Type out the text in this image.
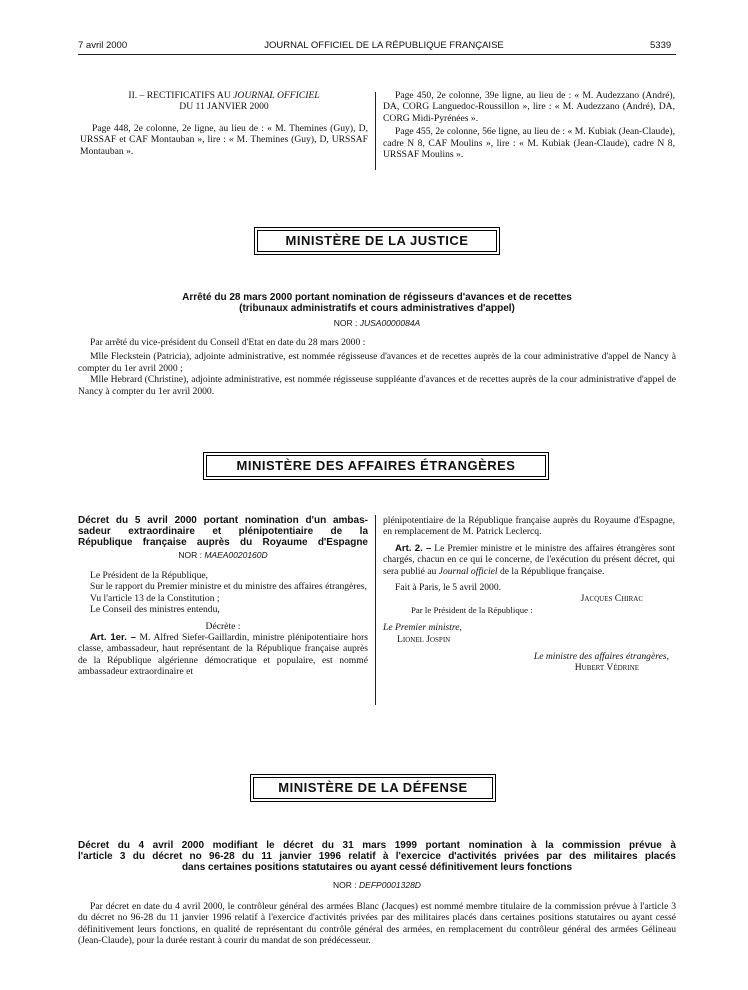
7 avril 2000	JOURNAL OFFICIEL DE LA RÉPUBLIQUE FRANÇAISE	5339

II. – RECTIFICATIFS AU JOURNAL OFFICIEL
DU 11 JANVIER 2000

Page 448, 2e colonne, 2e ligne, au lieu de : « M. Themines (Guy), D, URSSAF et CAF Montauban », lire : « M. Themines (Guy), D, URSSAF Montauban ».

Page 450, 2e colonne, 39e ligne, au lieu de : « M. Audezzano (André), DA, CORG Languedoc-Roussillon », lire : « M. Audezzano (André), DA, CORG Midi-Pyrénées ».

Page 455, 2e colonne, 56e ligne, au lieu de : « M. Kubiak (Jean-Claude), cadre N 8, CAF Moulins », lire : « M. Kubiak (Jean-Claude), cadre N 8, URSSAF Moulins ».

MINISTÈRE DE LA JUSTICE
Arrêté du 28 mars 2000 portant nomination de régisseurs d'avances et de recettes
(tribunaux administratifs et cours administratives d'appel)
NOR : JUSA0000084A

Par arrêté du vice-président du Conseil d'Etat en date du 28 mars 2000 :

Mlle Fleckstein (Patricia), adjointe administrative, est nommée régisseuse d'avances et de recettes auprès de la cour administrative d'appel de Nancy à compter du 1er avril 2000 ;

Mlle Hebrard (Christine), adjointe administrative, est nommée régisseuse suppléante d'avances et de recettes auprès de la cour administrative d'appel de Nancy à compter du 1er avril 2000.

MINISTÈRE DES AFFAIRES ÉTRANGÈRES
Décret du 5 avril 2000 portant nomination d'un ambas-
sadeur extraordinaire et plénipotentiaire de la
République française auprès du Royaume d'Espagne
NOR : MAEA0020160D

Le Président de la République,

Sur le rapport du Premier ministre et du ministre des affaires étrangères,

Vu l'article 13 de la Constitution ;

Le Conseil des ministres entendu,

Décrète :

Art. 1er. – M. Alfred Siefer-Gaillardin, ministre plénipotentiaire hors classe, ambassadeur, haut représentant de la République française auprès de la République algérienne démocratique et populaire, est nommé ambassadeur extraordinaire et

plénipotentiaire de la République française auprès du Royaume d'Espagne, en remplacement de M. Patrick Leclercq.

Art. 2. – Le Premier ministre et le ministre des affaires étrangères sont chargés, chacun en ce qui le concerne, de l'exécution du présent décret, qui sera publié au Journal officiel de la République française.

Fait à Paris, le 5 avril 2000.

Jacques Chirac

Par le Président de la République :

Le Premier ministre,

Lionel Jospin

Le ministre des affaires étrangères,

Hubert Védrine

MINISTÈRE DE LA DÉFENSE
Décret du 4 avril 2000 modifiant le décret du 31 mars 1999 portant nomination à la commission prévue à
l'article 3 du décret no 96-28 du 11 janvier 1996 relatif à l'exercice d'activités privées par des militaires placés
dans certaines positions statutaires ou ayant cessé définitivement leurs fonctions
NOR : DEFP0001328D

Par décret en date du 4 avril 2000, le contrôleur général des armées Blanc (Jacques) est nommé membre titulaire de la commission prévue à l'article 3 du décret no 96-28 du 11 janvier 1996 relatif à l'exercice d'activités privées par des militaires placés dans certaines positions statutaires ou ayant cessé définitivement leurs fonctions, en qualité de représentant du contrôle général des armées, en remplacement du contrôleur général des armées Gélineau (Jean-Claude), pour la durée restant à courir du mandat de son prédécesseur.
